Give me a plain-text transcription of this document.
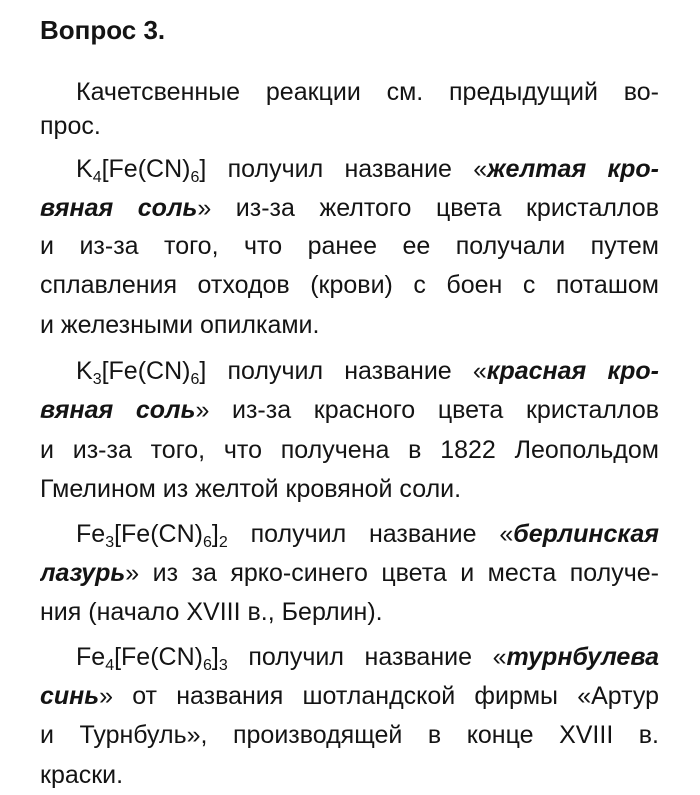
Вопрос 3.
Качетсвенные реакции см. предыдущий во-
прос.
$K_4[Fe(CN)_6]$ получил название «желтая кро-
вяная соль» из-за желтого цвета кристаллов
и из-за того, что ранее ее получали путем
сплавления отходов (крови) с боен с поташом
и железными опилками.
$K_3[Fe(CN)_6]$ получил название «красная кро-
вяная соль» из-за красного цвета кристаллов
и из-за того, что получена в 1822 Леопольдом
Гмелином из желтой кровяной соли.
$Fe_3[Fe(CN)_6]_2$ получил название «берлинская
лазурь» из за ярко-синего цвета и места получе-
ния (начало XVIII в., Берлин).
$Fe_4[Fe(CN)_6]_3$ получил название «турнбулева
синь» от названия шотландской фирмы «Артур
и Турнбуль», производящей в конце XVIII в.
краски.
